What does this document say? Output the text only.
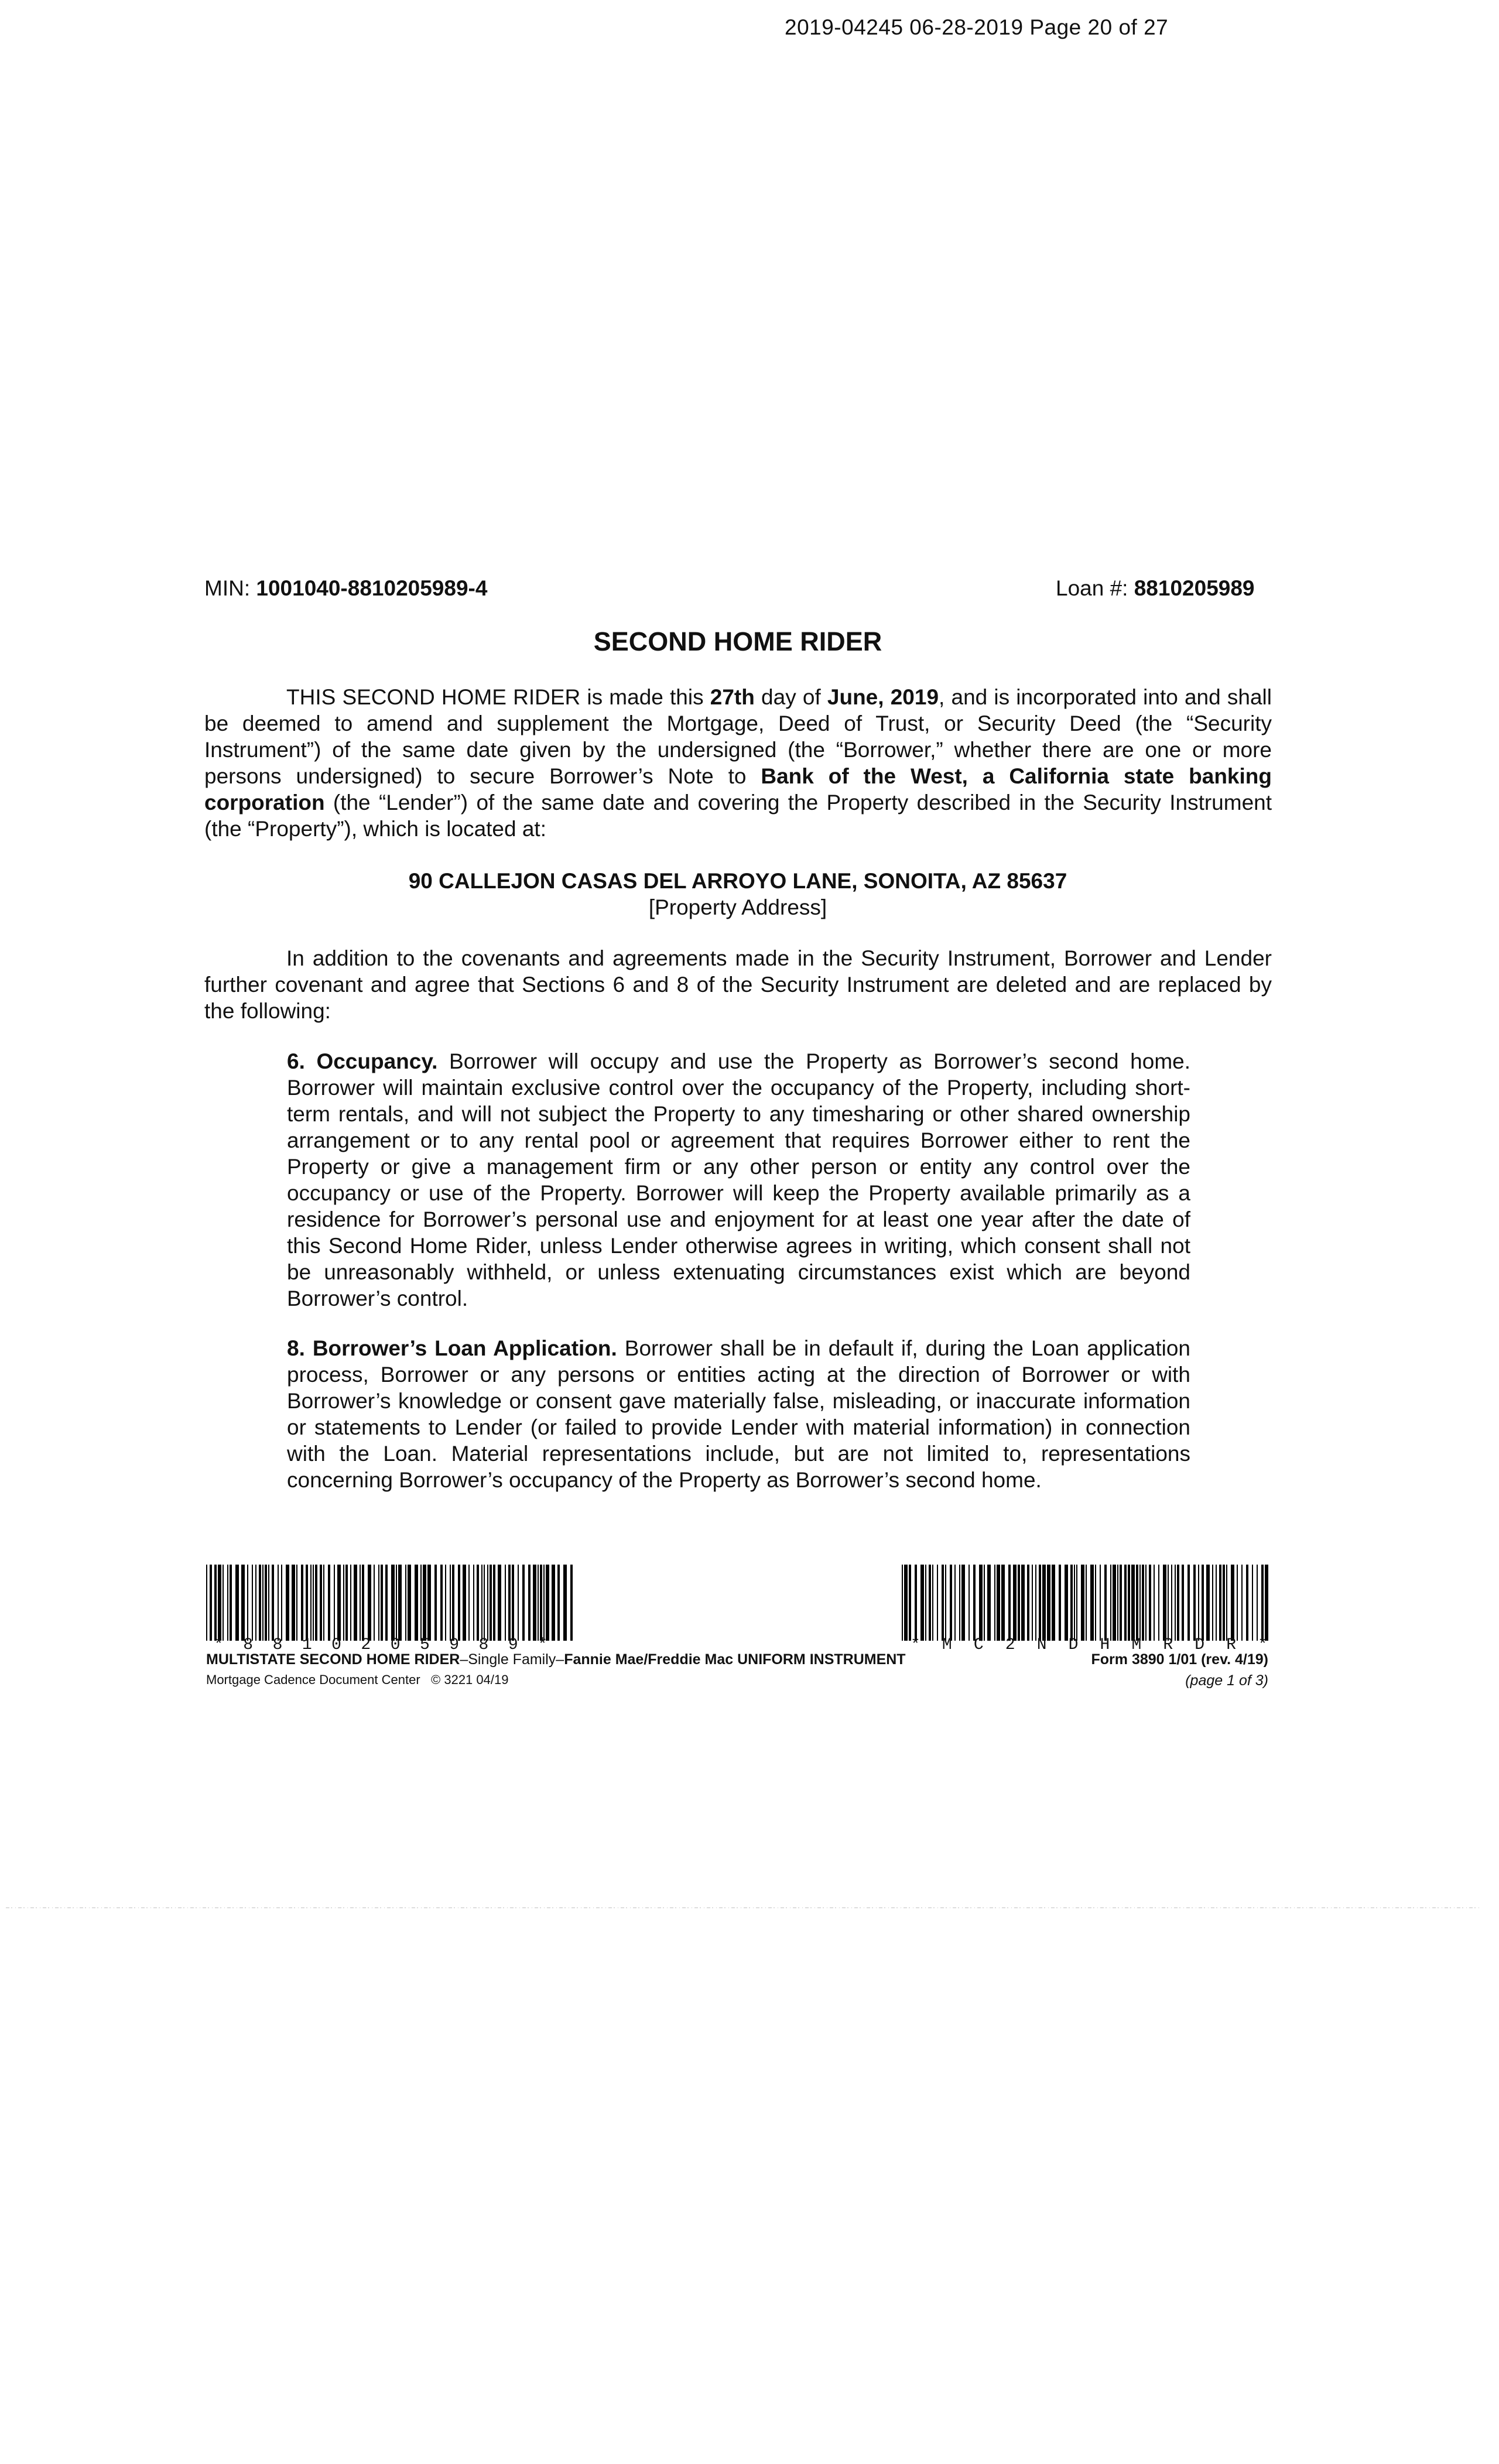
2019-04245 06-28-2019 Page 20 of 27
MIN: 1001040-8810205989-4	Loan #: 8810205989
SECOND HOME RIDER
THIS SECOND HOME RIDER is made this 27th day of June, 2019, and is incorporated into and shall be deemed to amend and supplement the Mortgage, Deed of Trust, or Security Deed (the “Security Instrument”) of the same date given by the undersigned (the “Borrower,” whether there are one or more persons undersigned) to secure Borrower’s Note to Bank of the West, a California state banking corporation (the “Lender”) of the same date and covering the Property described in the Security Instrument (the “Property”), which is located at:
90 CALLEJON CASAS DEL ARROYO LANE, SONOITA, AZ 85637
[Property Address]
In addition to the covenants and agreements made in the Security Instrument, Borrower and Lender further covenant and agree that Sections 6 and 8 of the Security Instrument are deleted and are replaced by the following:
6. Occupancy. Borrower will occupy and use the Property as Borrower’s second home. Borrower will maintain exclusive control over the occupancy of the Property, including short-term rentals, and will not subject the Property to any timesharing or other shared ownership arrangement or to any rental pool or agreement that requires Borrower either to rent the Property or give a management firm or any other person or entity any control over the occupancy or use of the Property. Borrower will keep the Property available primarily as a residence for Borrower’s personal use and enjoyment for at least one year after the date of this Second Home Rider, unless Lender otherwise agrees in writing, which consent shall not be unreasonably withheld, or unless extenuating circumstances exist which are beyond Borrower’s control.
8. Borrower’s Loan Application. Borrower shall be in default if, during the Loan application process, Borrower or any persons or entities acting at the direction of Borrower or with Borrower’s knowledge or consent gave materially false, misleading, or inaccurate information or statements to Lender (or failed to provide Lender with material information) in connection with the Loan. Material representations include, but are not limited to, representations concerning Borrower’s occupancy of the Property as Borrower’s second home.
* 8 8 1 0 2 0 5 9 8 9 *	* M C 2 N D H M R D R *
MULTISTATE SECOND HOME RIDER–Single Family–Fannie Mae/Freddie Mac UNIFORM INSTRUMENT
Mortgage Cadence Document Center © 3221 04/19
Form 3890 1/01 (rev. 4/19)
(page 1 of 3)
